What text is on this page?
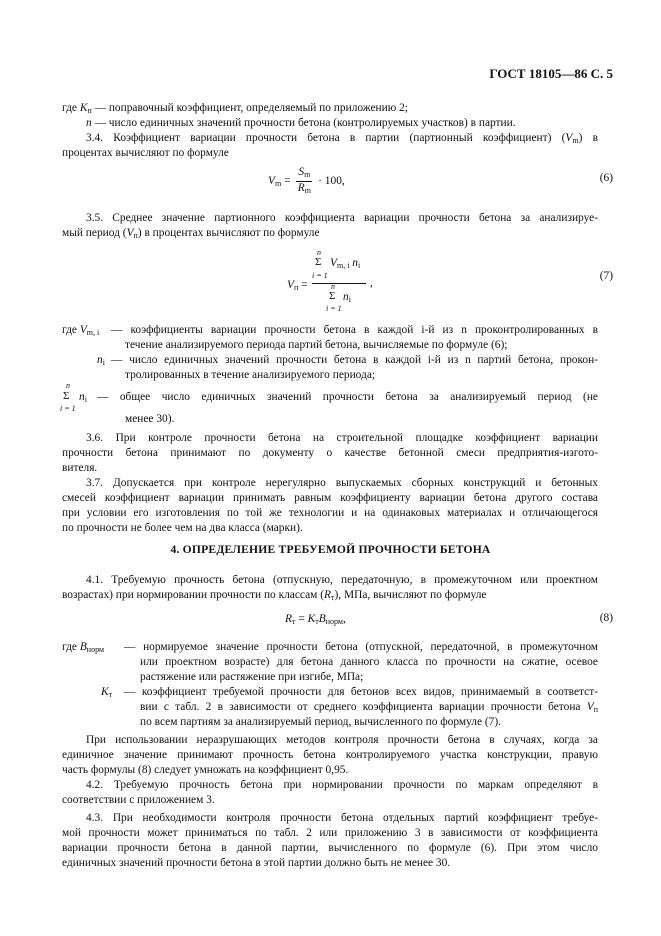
ГОСТ 18105—86 С. 5
где $K_п$ — поправочный коэффициент, определяемый по приложению 2;
n — число единичных значений прочности бетона (контролируемых участков) в партии.
3.4. Коэффициент вариации прочности бетона в партии (партионный коэффициент) $(V_m)$ в
процентах вычисляют по формуле
$V_m = \frac{S_m}{R_m} \cdot 100$,	(6)
3.5. Среднее значение партионного коэффициента вариации прочности бетона за анализируе-
мый период $(V_п)$ в процентах вычисляют по формуле
n
Σ $V_{m, i}$ $n_i$
$V_п$ =
i = 1
,
n
Σ $n_i$
i = 1
(7)
где $V_{m, i}$ — коэффициенты вариации прочности бетона в каждой i-й из n проконтролированных в
течение анализируемого периода партий бетона, вычисляемые по формуле (6);
$n_i$ — число единичных значений прочности бетона в каждой i-й из n партий бетона, прокон-
тролированных в течение анализируемого периода;
n
Σ $n_i$
i = 1
— общее число единичных значений прочности бетона за анализируемый период (не
менее 30).
3.6. При контроле прочности бетона на строительной площадке коэффициент вариации
прочности бетона принимают по документу о качестве бетонной смеси предприятия-изгото-
вителя.
3.7. Допускается при контроле нерегулярно выпускаемых сборных конструкций и бетонных
смесей коэффициент вариации принимать равным коэффициенту вариации бетона другого состава
при условии его изготовления по той же технологии и на одинаковых материалах и отличающегося
по прочности не более чем на два класса (марки).
4. ОПРЕДЕЛЕНИЕ ТРЕБУЕМОЙ ПРОЧНОСТИ БЕТОНА
4.1. Требуемую прочность бетона (отпускную, передаточную, в промежуточном или проектном
возрастах) при нормировании прочности по классам $(R_т)$, МПа, вычисляют по формуле
$R_т = K_тB_{норм}$,	(8)
где $B_{норм}$ — нормируемое значение прочности бетона (отпускной, передаточной, в промежуточном
или проектном возрасте) для бетона данного класса по прочности на сжатие, осевое
растяжение или растяжение при изгибе, МПа;
$K_т$ — коэффициент требуемой прочности для бетонов всех видов, принимаемый в соответст-
вии с табл. 2 в зависимости от среднего коэффициента вариации прочности бетона $V_п$
по всем партиям за анализируемый период, вычисленного по формуле (7).
При использовании неразрушающих методов контроля прочности бетона в случаях, когда за
единичное значение принимают прочность бетона контролируемого участка конструкции, правую
часть формулы (8) следует умножать на коэффициент 0,95.
4.2. Требуемую прочность бетона при нормировании прочности по маркам определяют в
соответствии с приложением 3.
4.3. При необходимости контроля прочности бетона отдельных партий коэффициент требуе-
мой прочности может приниматься по табл. 2 или приложению 3 в зависимости от коэффициента
вариации прочности бетона в данной партии, вычисленного по формуле (6). При этом число
единичных значений прочности бетона в этой партии должно быть не менее 30.
